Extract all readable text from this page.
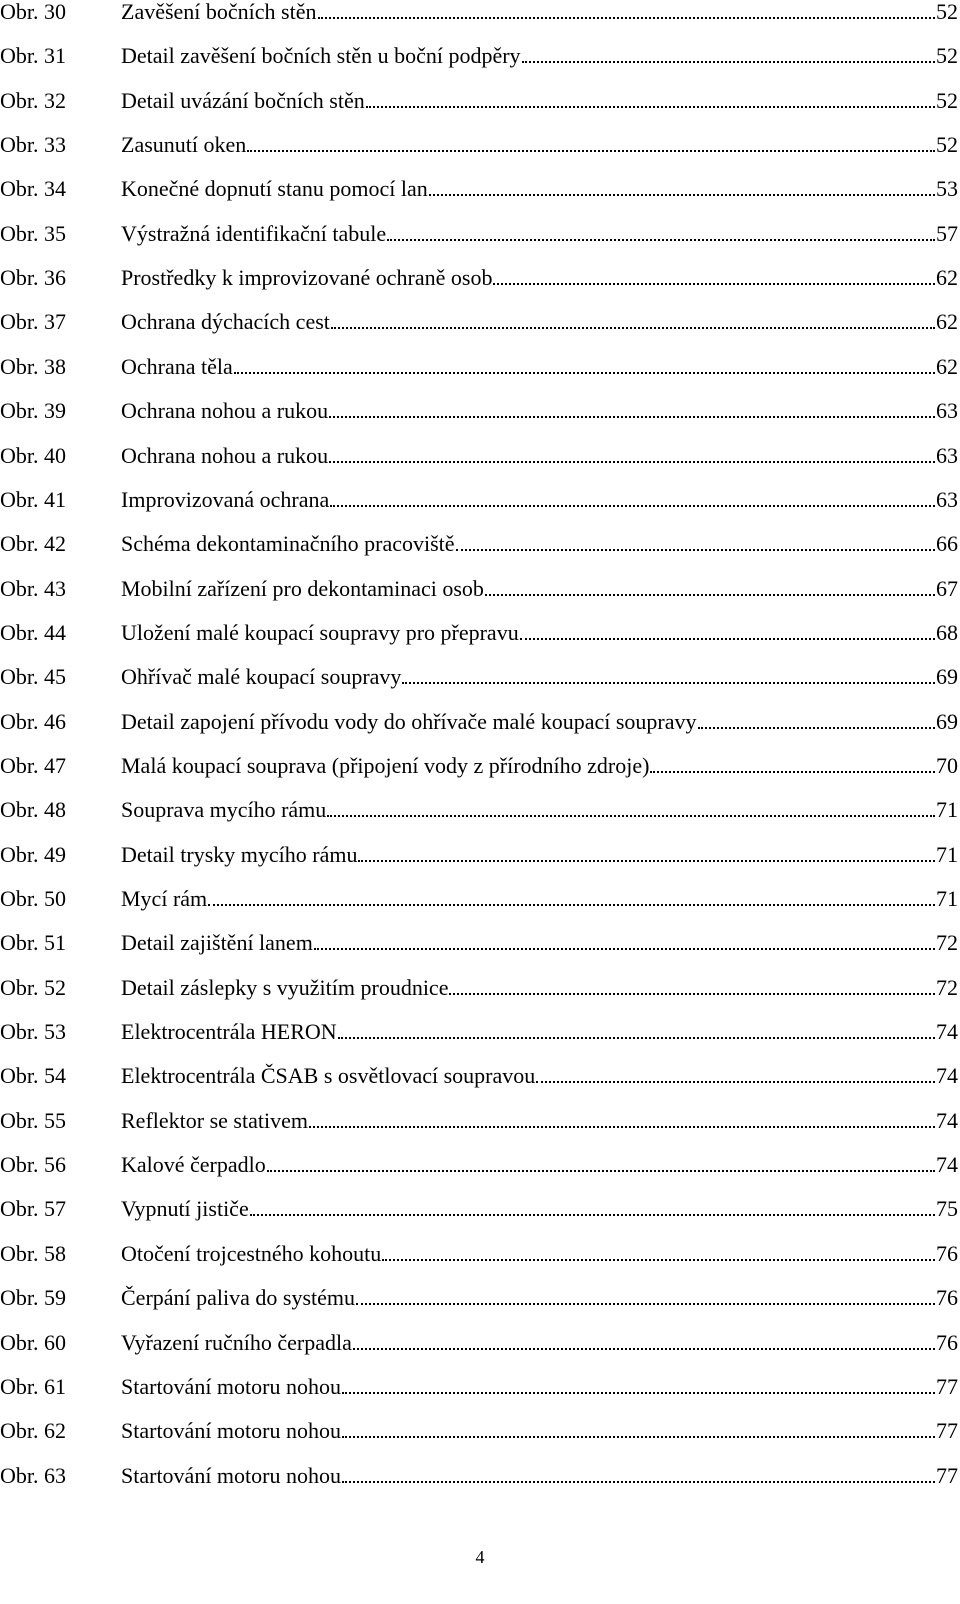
Obr. 30	Zavěšení bočních stěn	52
Obr. 31	Detail zavěšení bočních stěn u boční podpěry	52
Obr. 32	Detail uvázání bočních stěn	52
Obr. 33	Zasunutí oken	52
Obr. 34	Konečné dopnutí stanu pomocí lan	53
Obr. 35	Výstražná identifikační tabule	57
Obr. 36	Prostředky k improvizované ochraně osob	62
Obr. 37	Ochrana dýchacích cest	62
Obr. 38	Ochrana těla	62
Obr. 39	Ochrana nohou a rukou	63
Obr. 40	Ochrana nohou a rukou	63
Obr. 41	Improvizovaná ochrana	63
Obr. 42	Schéma dekontaminačního pracoviště	66
Obr. 43	Mobilní zařízení pro dekontaminaci osob	67
Obr. 44	Uložení malé koupací soupravy pro přepravu	68
Obr. 45	Ohřívač malé koupací soupravy	69
Obr. 46	Detail zapojení přívodu vody do ohřívače malé koupací soupravy	69
Obr. 47	Malá koupací souprava (připojení vody z přírodního zdroje)	70
Obr. 48	Souprava mycího rámu	71
Obr. 49	Detail trysky mycího rámu	71
Obr. 50	Mycí rám	71
Obr. 51	Detail zajištění lanem	72
Obr. 52	Detail záslepky s využitím proudnice	72
Obr. 53	Elektrocentrála HERON	74
Obr. 54	Elektrocentrála ČSAB s osvětlovací soupravou	74
Obr. 55	Reflektor se stativem	74
Obr. 56	Kalové čerpadlo	74
Obr. 57	Vypnutí jističe	75
Obr. 58	Otočení trojcestného kohoutu	76
Obr. 59	Čerpání paliva do systému	76
Obr. 60	Vyřazení ručního čerpadla	76
Obr. 61	Startování motoru nohou	77
Obr. 62	Startování motoru nohou	77
Obr. 63	Startování motoru nohou	77
4
